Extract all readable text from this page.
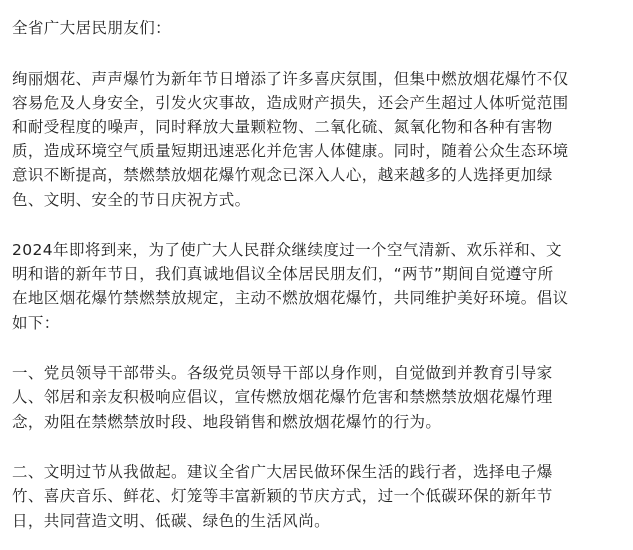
全省广大居民朋友们：
绚丽烟花、声声爆竹为新年节日增添了许多喜庆氛围，但集中燃放烟花爆竹不仅
容易危及人身安全，引发火灾事故，造成财产损失，还会产生超过人体听觉范围
和耐受程度的噪声，同时释放大量颗粒物、二氧化硫、氮氧化物和各种有害物
质，造成环境空气质量短期迅速恶化并危害人体健康。同时，随着公众生态环境
意识不断提高，禁燃禁放烟花爆竹观念已深入人心，越来越多的人选择更加绿
色、文明、安全的节日庆祝方式。
2024年即将到来，为了使广大人民群众继续度过一个空气清新、欢乐祥和、文
明和谐的新年节日，我们真诚地倡议全体居民朋友们，“两节”期间自觉遵守所
在地区烟花爆竹禁燃禁放规定，主动不燃放烟花爆竹，共同维护美好环境。倡议
如下：
一、党员领导干部带头。各级党员领导干部以身作则，自觉做到并教育引导家
人、邻居和亲友积极响应倡议，宣传燃放烟花爆竹危害和禁燃禁放烟花爆竹理
念，劝阻在禁燃禁放时段、地段销售和燃放烟花爆竹的行为。
二、文明过节从我做起。建议全省广大居民做环保生活的践行者，选择电子爆
竹、喜庆音乐、鲜花、灯笼等丰富新颖的节庆方式，过一个低碳环保的新年节
日，共同营造文明、低碳、绿色的生活风尚。
